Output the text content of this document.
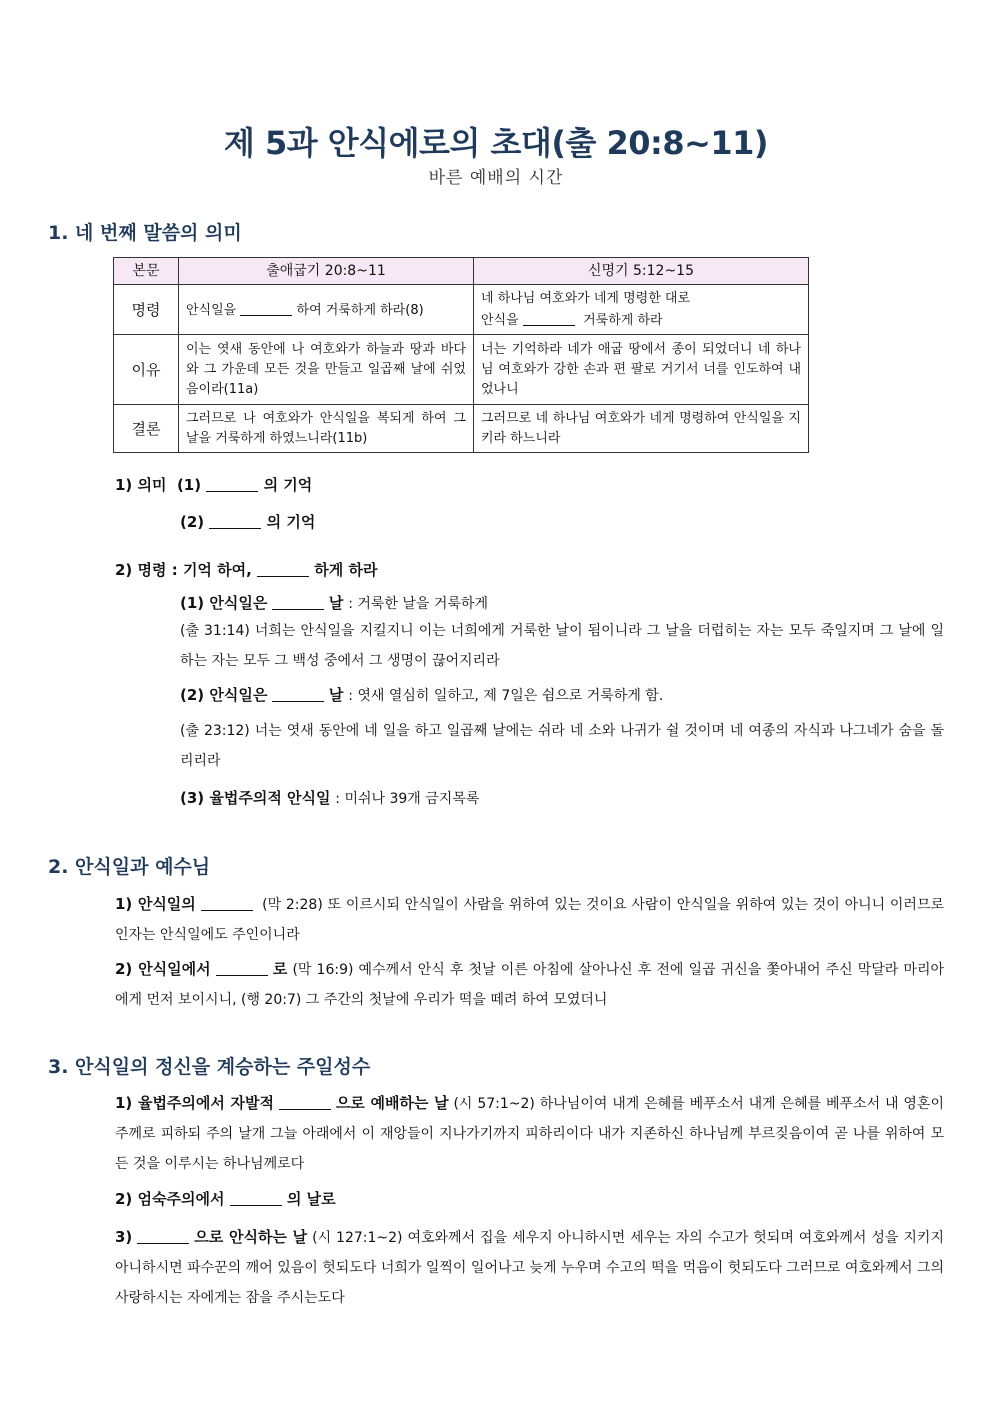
제 5과 안식에로의 초대(출 20:8~11)
바른 예배의 시간
1. 네 번째 말씀의 의미
본문	출애굽기 20:8~11	신명기 5:12~15
명령	안식일을 하여 거룩하게 하라(8)	네 하나님 여호와가 네게 명령한 대로
안식을 거룩하게 하라

이유	이는 엿새 동안에 나 여호와가 하늘과 땅과 바다와 그 가운데 모든 것을 만들고 일곱째 날에 쉬었음이라(11a)	너는 기억하라 네가 애굽 땅에서 종이 되었더니 네 하나님 여호와가 강한 손과 편 팔로 거기서 너를 인도하여 내었나니
결론	그러므로 나 여호와가 안식일을 복되게 하여 그 날을 거룩하게 하였느니라(11b)	그러므로 네 하나님 여호와가 네게 명령하여 안식일을 지키라 하느니라
1) 의미 (1)	의 기억
(2)	의 기억
2) 명령 : 기억 하여,	하게 하라
(1) 안식일은	날 : 거룩한 날을 거룩하게
(출 31:14) 너희는 안식일을 지킬지니 이는 너희에게 거룩한 날이 됨이니라 그 날을 더럽히는 자는 모두 죽일지며 그 날에 일하는 자는 모두 그 백성 중에서 그 생명이 끊어지리라
(2) 안식일은	날 : 엿새 열심히 일하고, 제 7일은 쉼으로 거룩하게 함.
(출 23:12) 너는 엿새 동안에 네 일을 하고 일곱째 날에는 쉬라 네 소와 나귀가 쉴 것이며 네 여종의 자식과 나그네가 숨을 돌리리라
(3) 율법주의적 안식일 : 미쉬나 39개 금지목록
2. 안식일과 예수님
1) 안식일의	(막 2:28) 또 이르시되 안식일이 사람을 위하여 있는 것이요 사람이 안식일을 위하여 있는 것이 아니니 이러므로 인자는 안식일에도 주인이니라
2) 안식일에서	로 (막 16:9) 예수께서 안식 후 첫날 이른 아침에 살아나신 후 전에 일곱 귀신을 쫓아내어 주신 막달라 마리아에게 먼저 보이시니, (행 20:7) 그 주간의 첫날에 우리가 떡을 떼려 하여 모였더니
3. 안식일의 정신을 계승하는 주일성수
1) 율법주의에서 자발적	으로 예배하는 날 (시 57:1~2) 하나님이여 내게 은혜를 베푸소서 내게 은혜를 베푸소서 내 영혼이 주께로 피하되 주의 날개 그늘 아래에서 이 재앙들이 지나가기까지 피하리이다 내가 지존하신 하나님께 부르짖음이여 곧 나를 위하여 모든 것을 이루시는 하나님께로다
2) 엄숙주의에서	의 날로
3)	으로 안식하는 날 (시 127:1~2) 여호와께서 집을 세우지 아니하시면 세우는 자의 수고가 헛되며 여호와께서 성을 지키지 아니하시면 파수꾼의 깨어 있음이 헛되도다 너희가 일찍이 일어나고 늦게 누우며 수고의 떡을 먹음이 헛되도다 그러므로 여호와께서 그의 사랑하시는 자에게는 잠을 주시는도다
